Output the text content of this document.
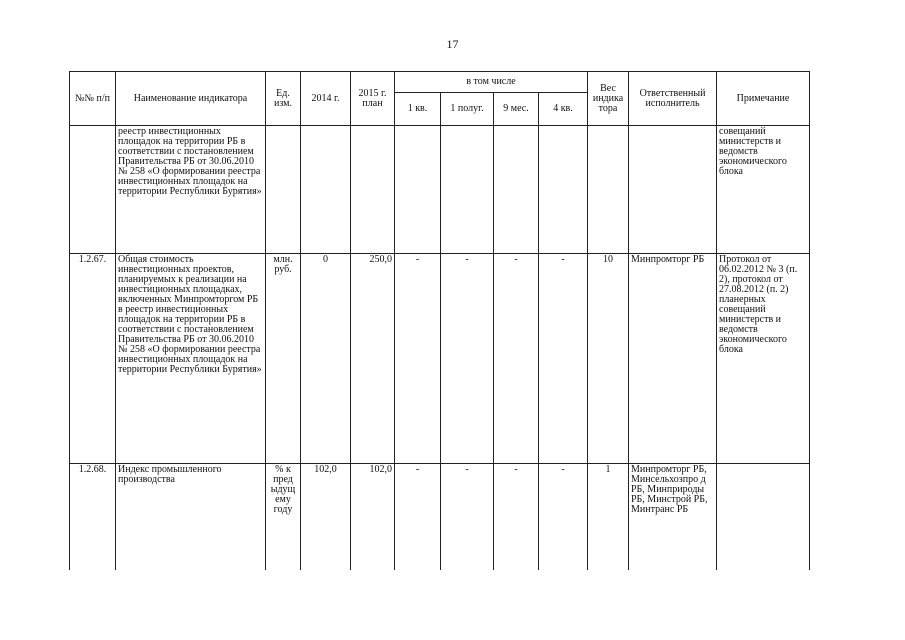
17
№№ п/п	Наименование индикатора	Ед. изм.	2014 г.	2015 г. план	в том числе				Вес индика тора	Ответственный исполнитель	Примечание
					1 кв.	1 полуг.	9 мес.	4 кв.			
	реестр инвестиционных площадок на территории РБ в соответствии с постановлением Правительства РБ от 30.06.2010 № 258 «О формировании реестра инвестиционных площадок на территории Республики Бурятия»										совещаний министерств и ведомств экономического блока
1.2.67.	Общая стоимость инвестиционных проектов, планируемых к реализации на инвестиционных площадках, включенных Минпромторгом РБ в реестр инвестиционных площадок на территории РБ в соответствии с постановлением Правительства РБ от 30.06.2010 № 258 «О формировании реестра инвестиционных площадок на территории Республики Бурятия»	млн. руб.	0	250,0	-	-	-	-	10	Минпромторг РБ	Протокол от 06.02.2012 № 3 (п. 2), протокол от 27.08.2012 (п. 2) планерных совещаний министерств и ведомств экономического блока
1.2.68.	Индекс промышленного производства	% к пред ыдущ ему году	102,0	102,0	-	-	-	-	1	Минпромторг РБ, Минсельхозпро д РБ, Минприроды РБ, Минстрой РБ, Минтранс РБ	
